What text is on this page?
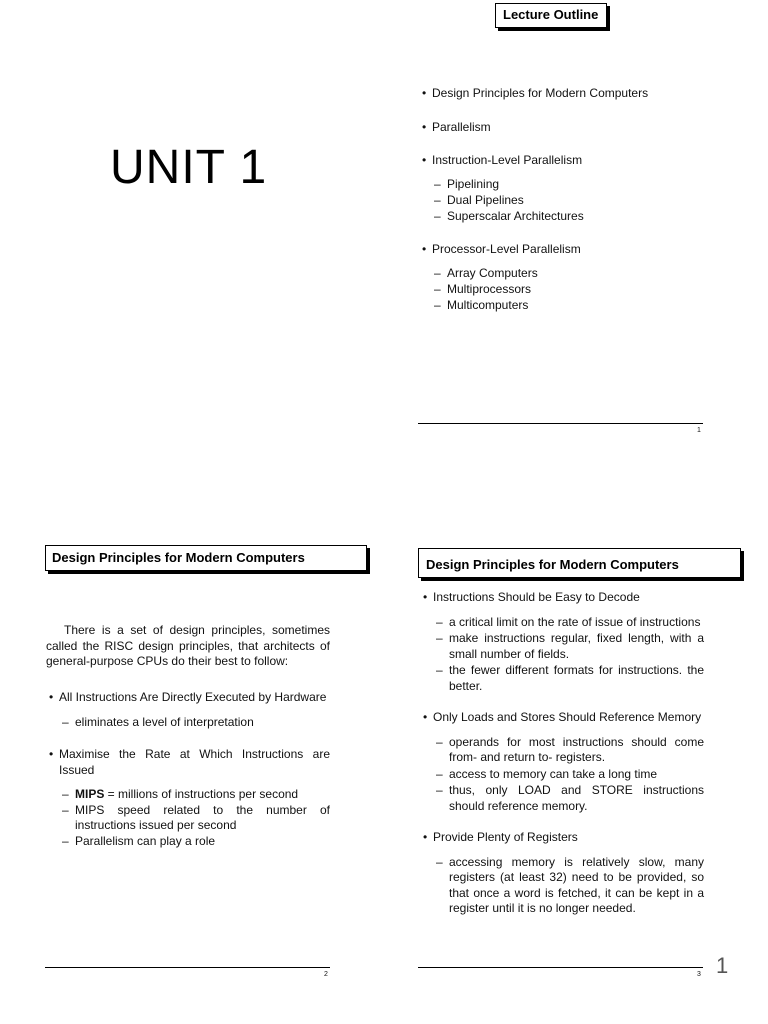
UNIT 1
Lecture Outline
• Design Principles for Modern Computers
• Parallelism
• Instruction-Level Parallelism
– Pipelining
– Dual Pipelines
– Superscalar Architectures
• Processor-Level Parallelism
– Array Computers
– Multiprocessors
– Multicomputers
1
Design Principles for Modern Computers

There is a set of design principles, sometimes called the RISC design principles, that architects of general-purpose CPUs do their best to follow:

• All Instructions Are Directly Executed by Hardware
– eliminates a level of interpretation
• Maximise the Rate at Which Instructions are Issued
– MIPS = millions of instructions per second
– MIPS speed related to the number of instructions issued per second
– Parallelism can play a role
2
Design Principles for Modern Computers
• Instructions Should be Easy to Decode
– a critical limit on the rate of issue of instructions
– make instructions regular, fixed length, with a small number of fields.
– the fewer different formats for instructions. the better.
• Only Loads and Stores Should Reference Memory
– operands for most instructions should come from- and return to- registers.
– access to memory can take a long time
– thus, only LOAD and STORE instructions should reference memory.
• Provide Plenty of Registers
– accessing memory is relatively slow, many registers (at least 32) need to be provided, so that once a word is fetched, it can be kept in a register until it is no longer needed.
3 1
